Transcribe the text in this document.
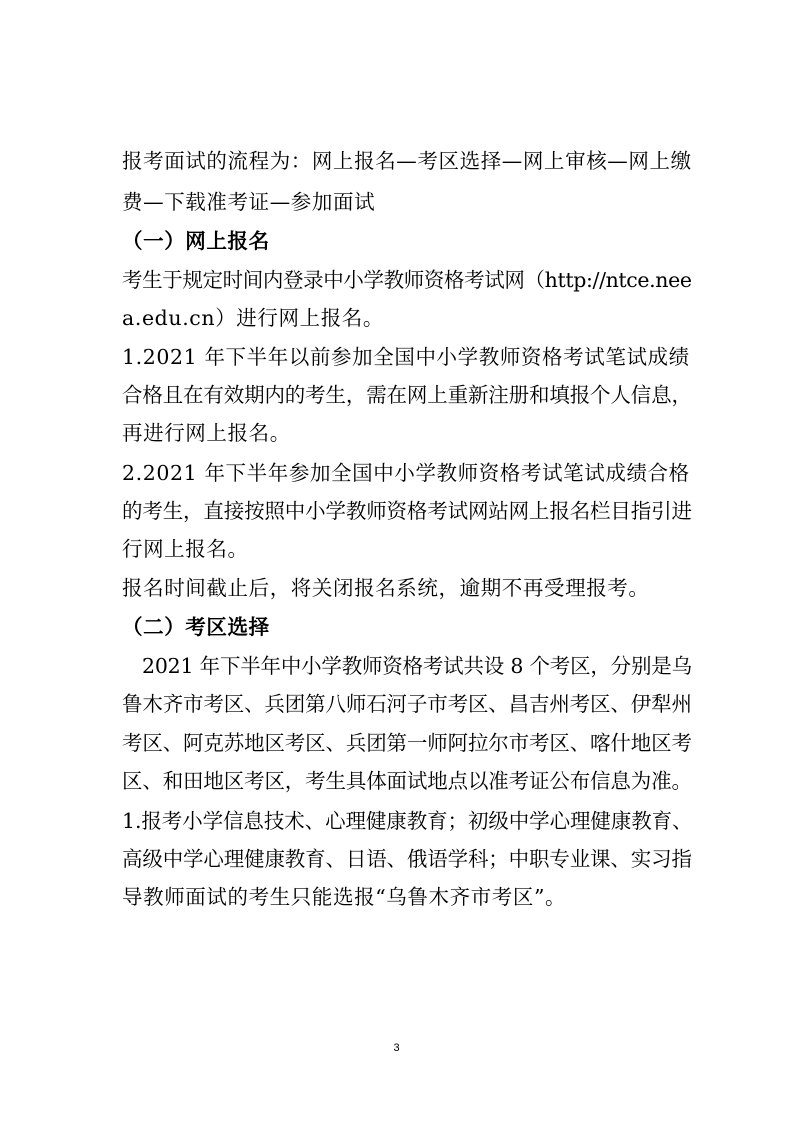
报考面试的流程为：网上报名—考区选择—网上审核—网上缴
费—下载准考证—参加面试
（一）网上报名
考生于规定时间内登录中小学教师资格考试网（http://ntce.nee
a.edu.cn）进行网上报名。
1.2021 年下半年以前参加全国中小学教师资格考试笔试成绩
合格且在有效期内的考生，需在网上重新注册和填报个人信息，
再进行网上报名。
2.2021 年下半年参加全国中小学教师资格考试笔试成绩合格
的考生，直接按照中小学教师资格考试网站网上报名栏目指引进
行网上报名。
报名时间截止后，将关闭报名系统，逾期不再受理报考。
（二）考区选择
2021 年下半年中小学教师资格考试共设 8 个考区，分别是乌
鲁木齐市考区、兵团第八师石河子市考区、昌吉州考区、伊犁州
考区、阿克苏地区考区、兵团第一师阿拉尔市考区、喀什地区考
区、和田地区考区，考生具体面试地点以准考证公布信息为准。
1.报考小学信息技术、心理健康教育；初级中学心理健康教育、
高级中学心理健康教育、日语、俄语学科；中职专业课、实习指
导教师面试的考生只能选报“乌鲁木齐市考区”。
3
